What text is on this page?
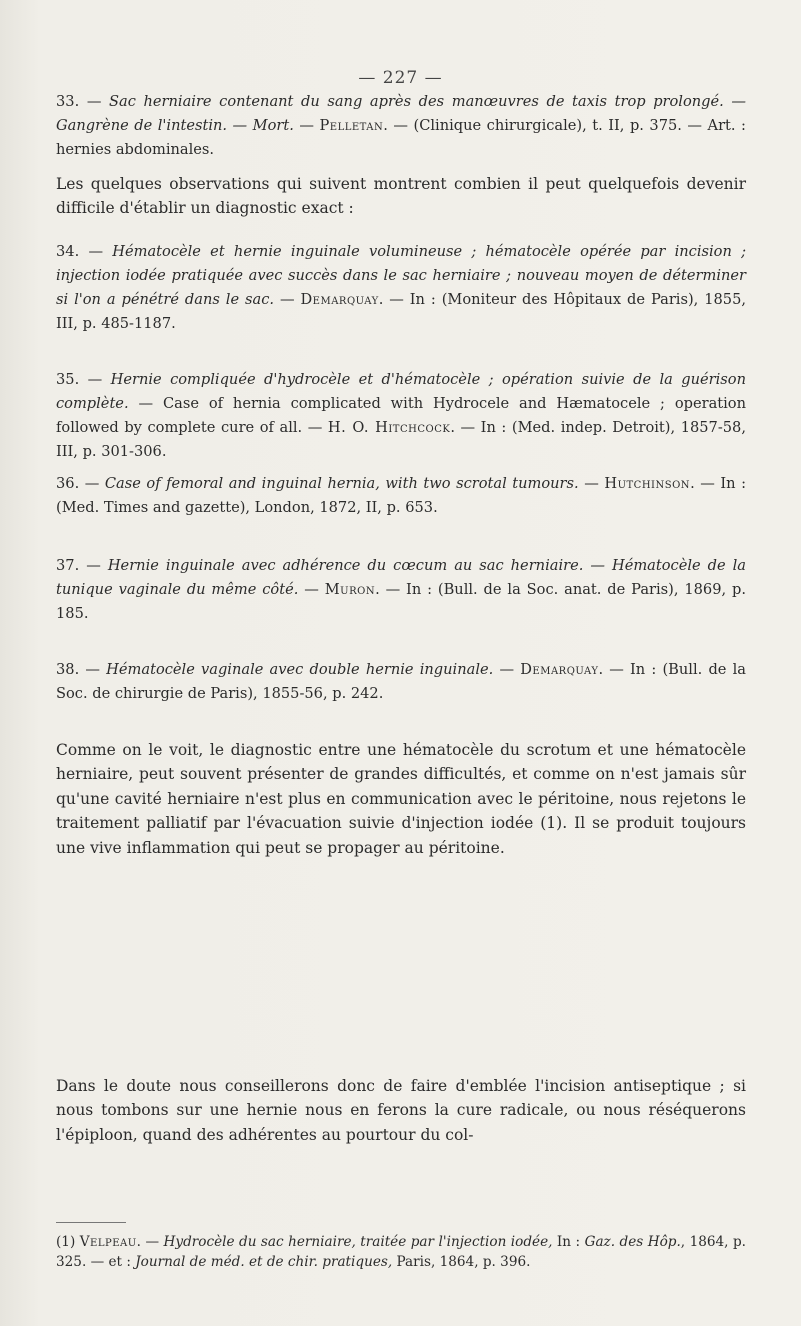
— 227 —
33. — Sac herniaire contenant du sang après des manœuvres de taxis trop prolongé. — Gangrène de l'intestin. — Mort. — Pelletan. — (Clinique chirurgicale), t. II, p. 375. — Art. : hernies abdominales.
Les quelques observations qui suivent montrent combien il peut quelquefois devenir difficile d'établir un diagnostic exact :
34. — Hématocèle et hernie inguinale volumineuse ; hématocèle opérée par incision ; injection iodée pratiquée avec succès dans le sac herniaire ; nouveau moyen de déterminer si l'on a pénétré dans le sac. — Demarquay. — In : (Moniteur des Hôpitaux de Paris), 1855, III, p. 485-1187.
35. — Hernie compliquée d'hydrocèle et d'hématocèle ; opération suivie de la guérison complète. — Case of hernia complicated with Hydrocele and Hæmatocele ; operation followed by complete cure of all. — H. O. Hitchcock. — In : (Med. indep. Detroit), 1857-58, III, p. 301-306.
36. — Case of femoral and inguinal hernia, with two scrotal tumours. — Hutchinson. — In : (Med. Times and gazette), London, 1872, II, p. 653.
37. — Hernie inguinale avec adhérence du cœcum au sac herniaire. — Hématocèle de la tunique vaginale du même côté. — Muron. — In : (Bull. de la Soc. anat. de Paris), 1869, p. 185.
38. — Hématocèle vaginale avec double hernie inguinale. — Demarquay. — In : (Bull. de la Soc. de chirurgie de Paris), 1855-56, p. 242.
Comme on le voit, le diagnostic entre une hématocèle du scrotum et une hématocèle herniaire, peut souvent présenter de grandes difficultés, et comme on n'est jamais sûr qu'une cavité herniaire n'est plus en communication avec le péritoine, nous rejetons le traitement palliatif par l'évacuation suivie d'injection iodée (1). Il se produit toujours une vive inflammation qui peut se propager au péritoine.
Dans le doute nous conseillerons donc de faire d'emblée l'incision antiseptique ; si nous tombons sur une hernie nous en ferons la cure radicale, ou nous réséquerons l'épiploon, quand des adhérentes au pourtour du col-
(1) Velpeau. — Hydrocèle du sac herniaire, traitée par l'injection iodée, In : Gaz. des Hôp., 1864, p. 325. — et : Journal de méd. et de chir. pratiques, Paris, 1864, p. 396.
